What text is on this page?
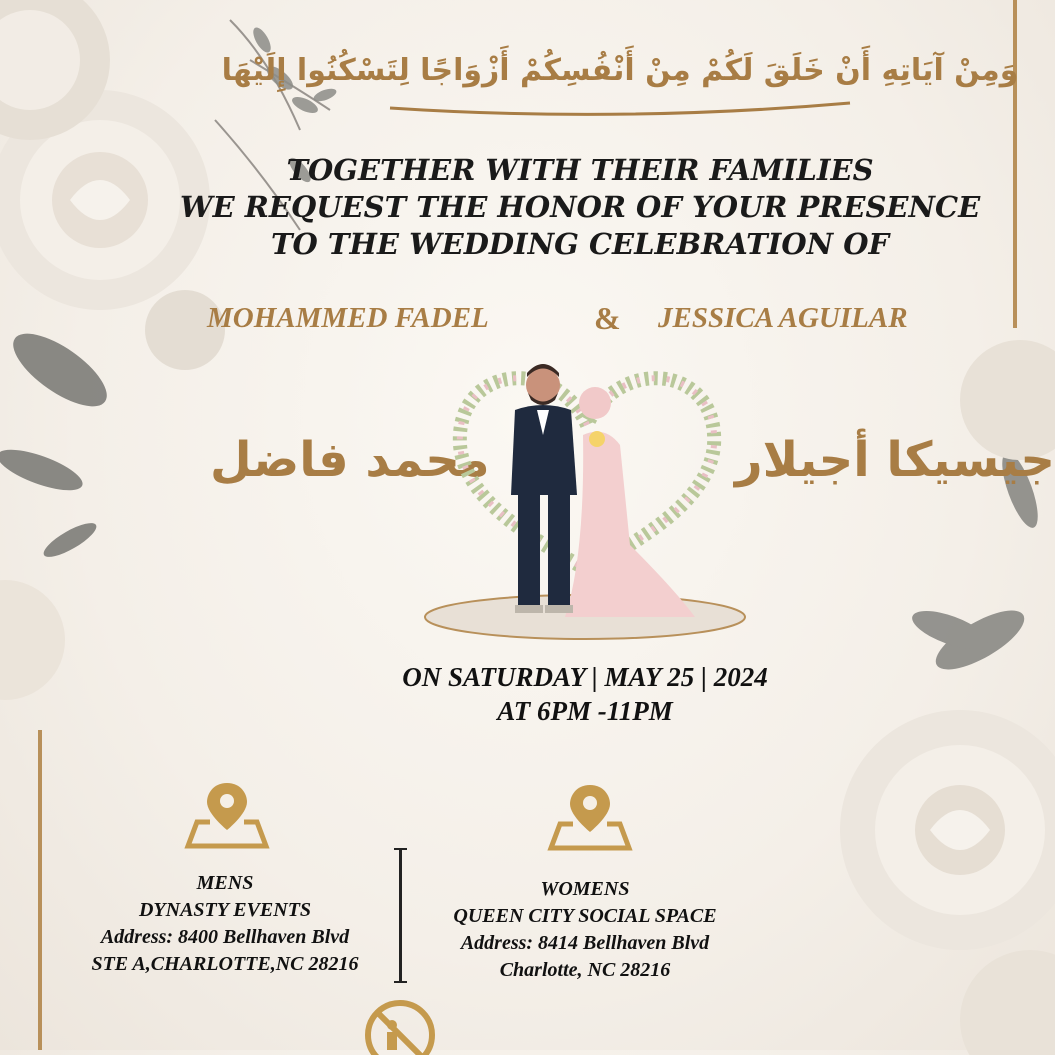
وَمِنْ آيَاتِهِ أَنْ خَلَقَ لَكُمْ مِنْ أَنْفُسِكُمْ أَزْوَاجًا لِتَسْكُنُوا إِلَيْهَا
TOGETHER WITH THEIR FAMILIES
WE REQUEST THE HONOR OF YOUR PRESENCE
TO THE WEDDING CELEBRATION OF
MOHAMMED FADEL	& JESSICA AGUILAR
محمد فاضل	جيسيكا أجيلار
ON SATURDAY | MAY 25 | 2024
AT 6PM -11PM
MENS
DYNASTY EVENTS
Address: 8400 Bellhaven Blvd
STE A,CHARLOTTE,NC 28216
WOMENS
QUEEN CITY SOCIAL SPACE
Address: 8414 Bellhaven Blvd
Charlotte, NC 28216
